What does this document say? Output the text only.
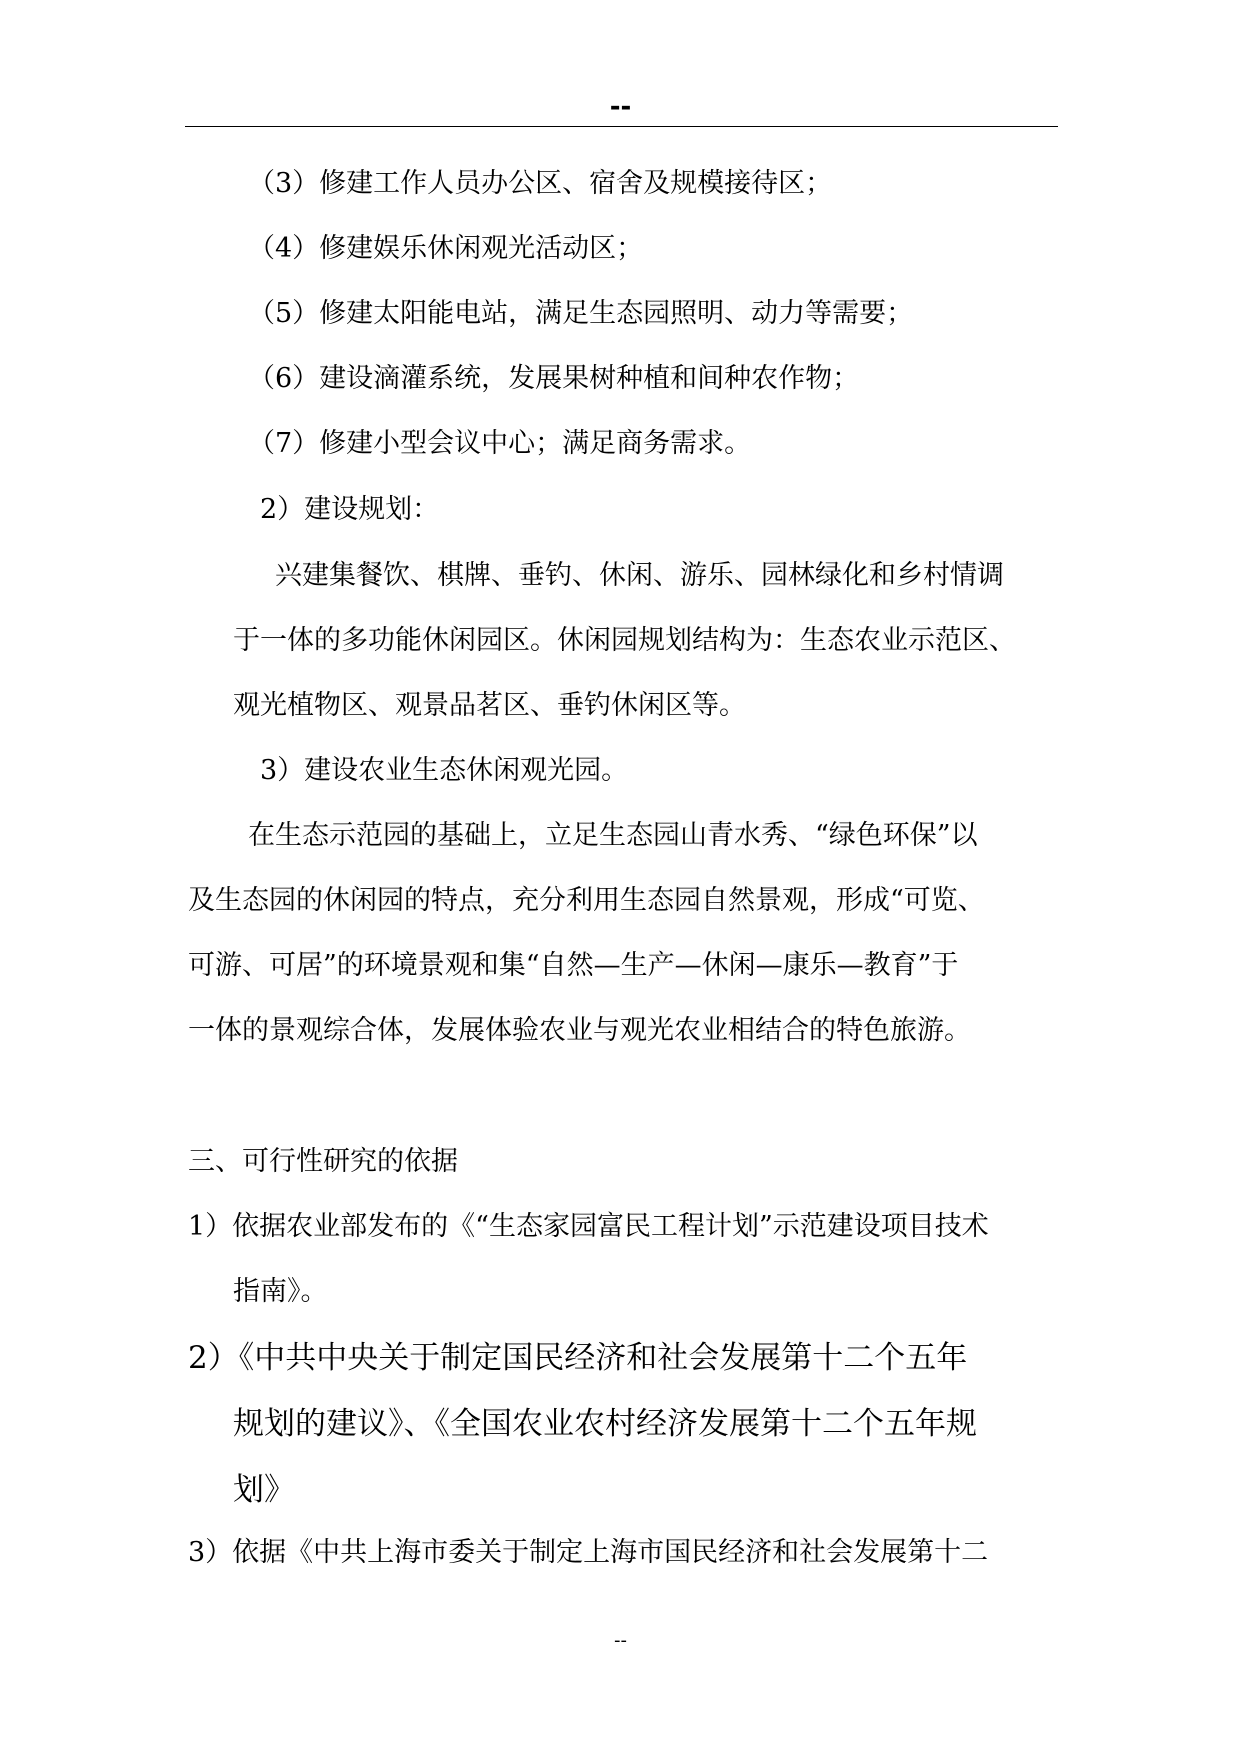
--
（3）修建工作人员办公区、宿舍及规模接待区；
（4）修建娱乐休闲观光活动区；
（5）修建太阳能电站，满足生态园照明、动力等需要；
（6）建设滴灌系统，发展果树种植和间种农作物；
（7）修建小型会议中心；满足商务需求。
2）建设规划：
兴建集餐饮、棋牌、垂钓、休闲、游乐、园林绿化和乡村情调
于一体的多功能休闲园区。休闲园规划结构为：生态农业示范区、
观光植物区、观景品茗区、垂钓休闲区等。
3）建设农业生态休闲观光园。
在生态示范园的基础上，立足生态园山青水秀、“绿色环保”以
及生态园的休闲园的特点，充分利用生态园自然景观，形成“可览、
可游、可居”的环境景观和集“自然—生产—休闲—康乐—教育”于
一体的景观综合体，发展体验农业与观光农业相结合的特色旅游。
三、可行性研究的依据
1）依据农业部发布的《“生态家园富民工程计划”示范建设项目技术
指南》。
2）《中共中央关于制定国民经济和社会发展第十二个五年
规划的建议》、《全国农业农村经济发展第十二个五年规
划》
3）依据《中共上海市委关于制定上海市国民经济和社会发展第十二
--
